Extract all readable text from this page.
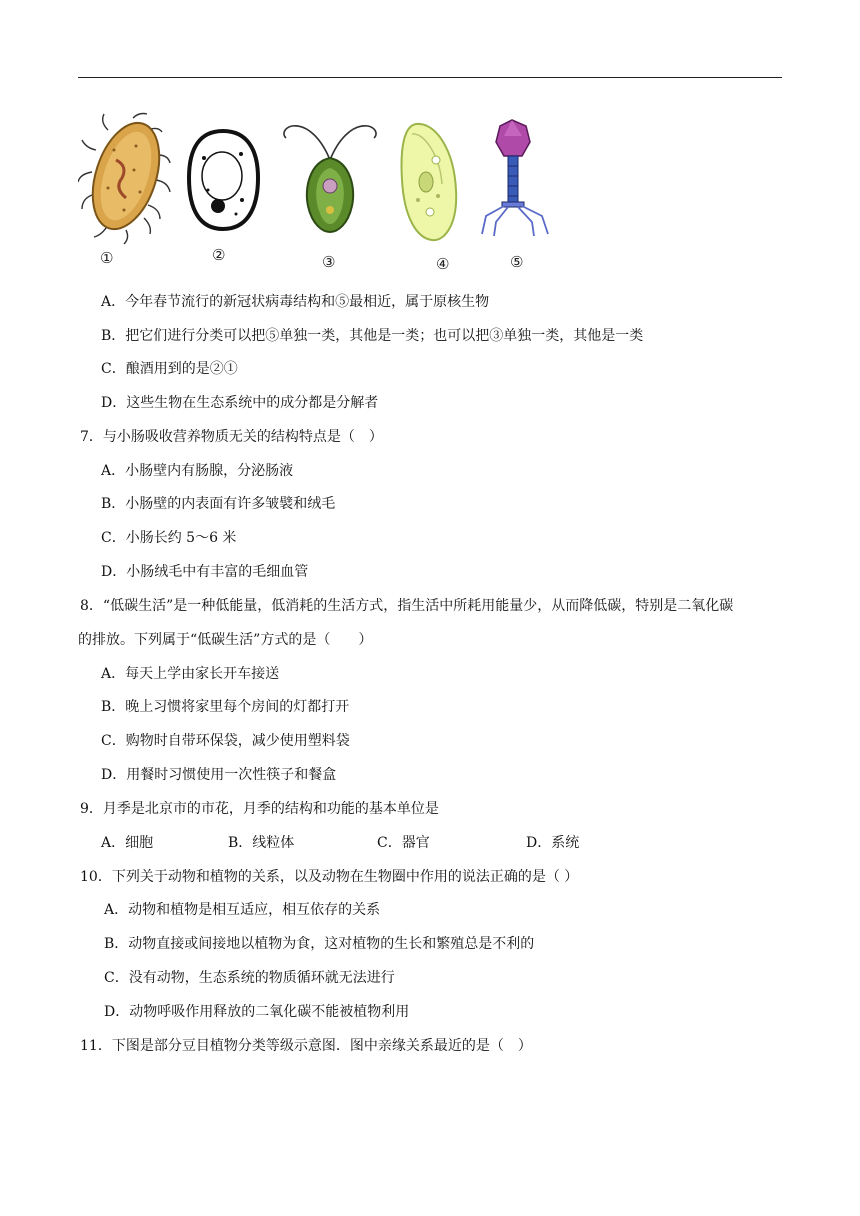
①	②	③	④	⑤
A．今年春节流行的新冠状病毒结构和⑤最相近，属于原核生物
B．把它们进行分类可以把⑤单独一类，其他是一类；也可以把③单独一类，其他是一类
C．酿酒用到的是②①
D．这些生物在生态系统中的成分都是分解者
7．与小肠吸收营养物质无关的结构特点是（　）
A．小肠壁内有肠腺，分泌肠液
B．小肠壁的内表面有许多皱襞和绒毛
C．小肠长约 5～6 米
D．小肠绒毛中有丰富的毛细血管
8．“低碳生活”是一种低能量，低消耗的生活方式，指生活中所耗用能量少，从而降低碳，特别是二氧化碳
的排放。下列属于“低碳生活”方式的是（　　）
A．每天上学由家长开车接送
B．晚上习惯将家里每个房间的灯都打开
C．购物时自带环保袋，减少使用塑料袋
D．用餐时习惯使用一次性筷子和餐盒
9．月季是北京市的市花，月季的结构和功能的基本单位是
A．细胞	B．线粒体	C．器官	D．系统
10．下列关于动物和植物的关系，以及动物在生物圈中作用的说法正确的是（ ）
A．动物和植物是相互适应，相互依存的关系
B．动物直接或间接地以植物为食，这对植物的生长和繁殖总是不利的
C．没有动物，生态系统的物质循环就无法进行
D．动物呼吸作用释放的二氧化碳不能被植物利用
11．下图是部分豆目植物分类等级示意图．图中亲缘关系最近的是（　）
